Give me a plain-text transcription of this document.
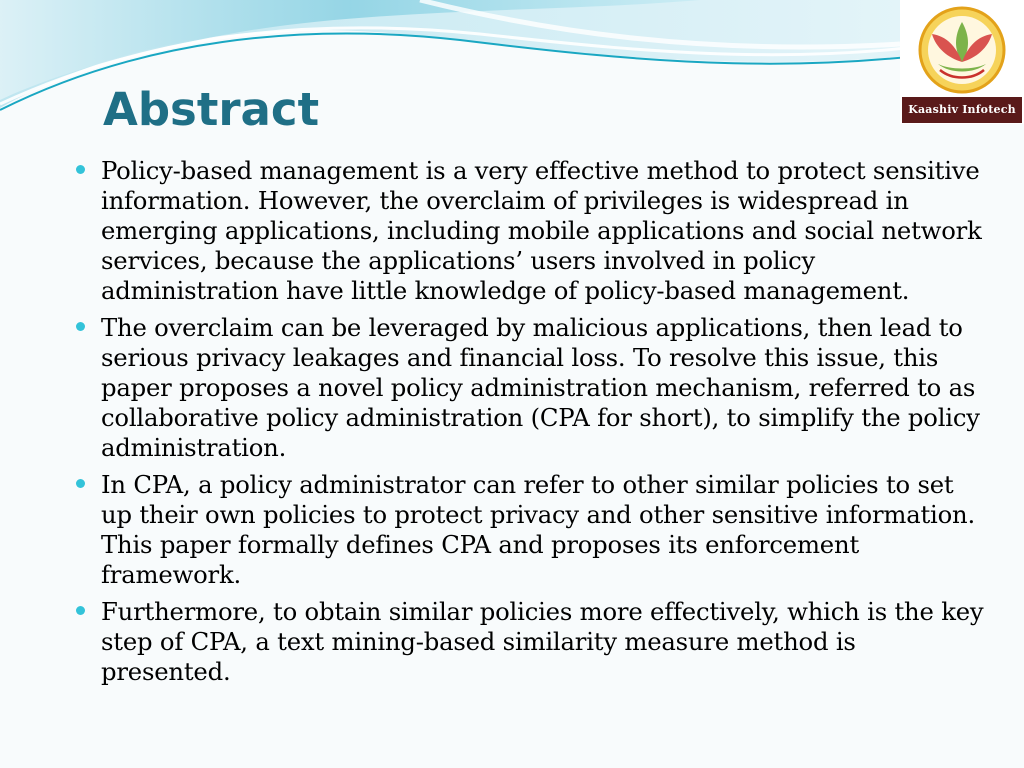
Kaashiv Infotech
Abstract
Policy-based management is a very effective method to protect sensitive information. However, the overclaim of privileges is widespread in emerging applications, including mobile applications and social network services, because the applications’ users involved in policy administration have little knowledge of policy-based management.
The overclaim can be leveraged by malicious applications, then lead to serious privacy leakages and financial loss. To resolve this issue, this paper proposes a novel policy administration mechanism, referred to as collaborative policy administration (CPA for short), to simplify the policy administration.
In CPA, a policy administrator can refer to other similar policies to set up their own policies to protect privacy and other sensitive information. This paper formally defines CPA and proposes its enforcement framework.
Furthermore, to obtain similar policies more effectively, which is the key step of CPA, a text mining-based similarity measure method is presented.
